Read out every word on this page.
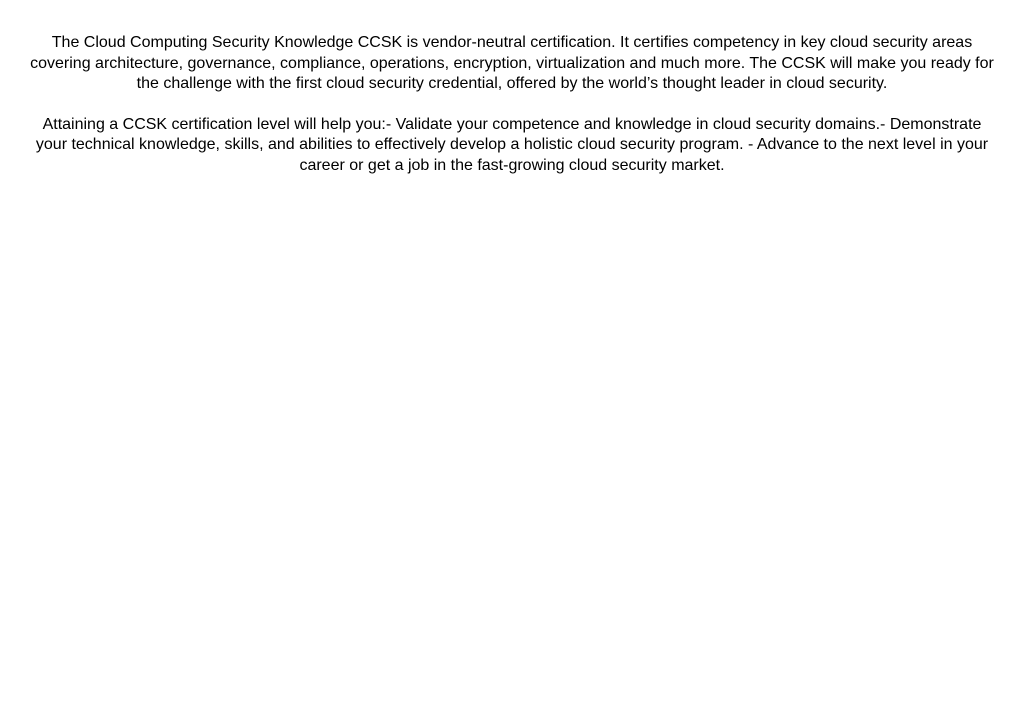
The Cloud Computing Security Knowledge CCSK is vendor-neutral certification. It certifies competency in key cloud security areas covering architecture, governance, compliance, operations, encryption, virtualization and much more. The CCSK will make you ready for the challenge with the first cloud security credential, offered by the world’s thought leader in cloud security.

Attaining a CCSK certification level will help you:- Validate your competence and knowledge in cloud security domains.- Demonstrate your technical knowledge, skills, and abilities to effectively develop a holistic cloud security program. - Advance to the next level in your career or get a job in the fast-growing cloud security market.
